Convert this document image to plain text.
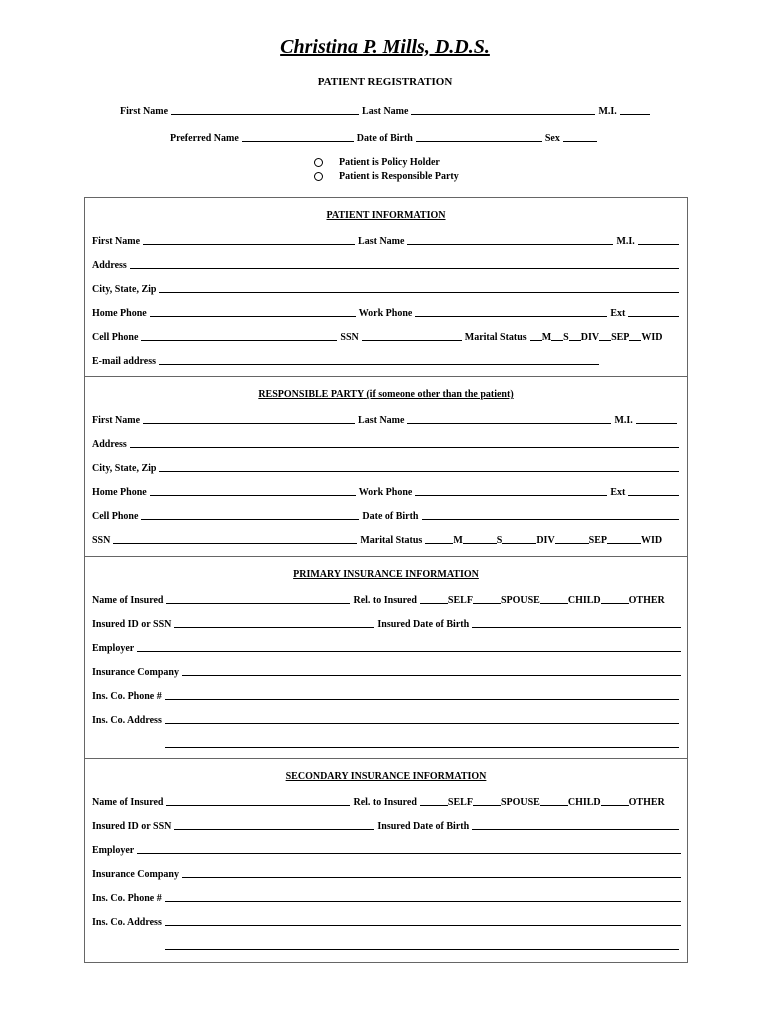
Christina P. Mills, D.D.S.
PATIENT REGISTRATION
First Name	Last Name	M.I.
Preferred Name	Date of Birth	Sex
Patient is Policy Holder
Patient is Responsible Party
PATIENT INFORMATION
First Name	Last Name	M.I.
Address
City, State, Zip
Home Phone	Work Phone	Ext
Cell Phone	SSN	Marital Status	M S DIV SEP WID
E-mail address
RESPONSIBLE PARTY (if someone other than the patient)
First Name	Last Name	M.I.
Address
City, State, Zip
Home Phone	Work Phone	Ext
Cell Phone	Date of Birth
SSN	Marital Status	M	S	DIV	SEP	WID
PRIMARY INSURANCE INFORMATION
Name of Insured	Rel. to Insured	SELF	SPOUSE	CHILD	OTHER
Insured ID or SSN	Insured Date of Birth
Employer
Insurance Company
Ins. Co. Phone #
Ins. Co. Address
SECONDARY INSURANCE INFORMATION
Name of Insured	Rel. to Insured	SELF	SPOUSE	CHILD	OTHER
Insured ID or SSN	Insured Date of Birth
Employer
Insurance Company
Ins. Co. Phone #
Ins. Co. Address
